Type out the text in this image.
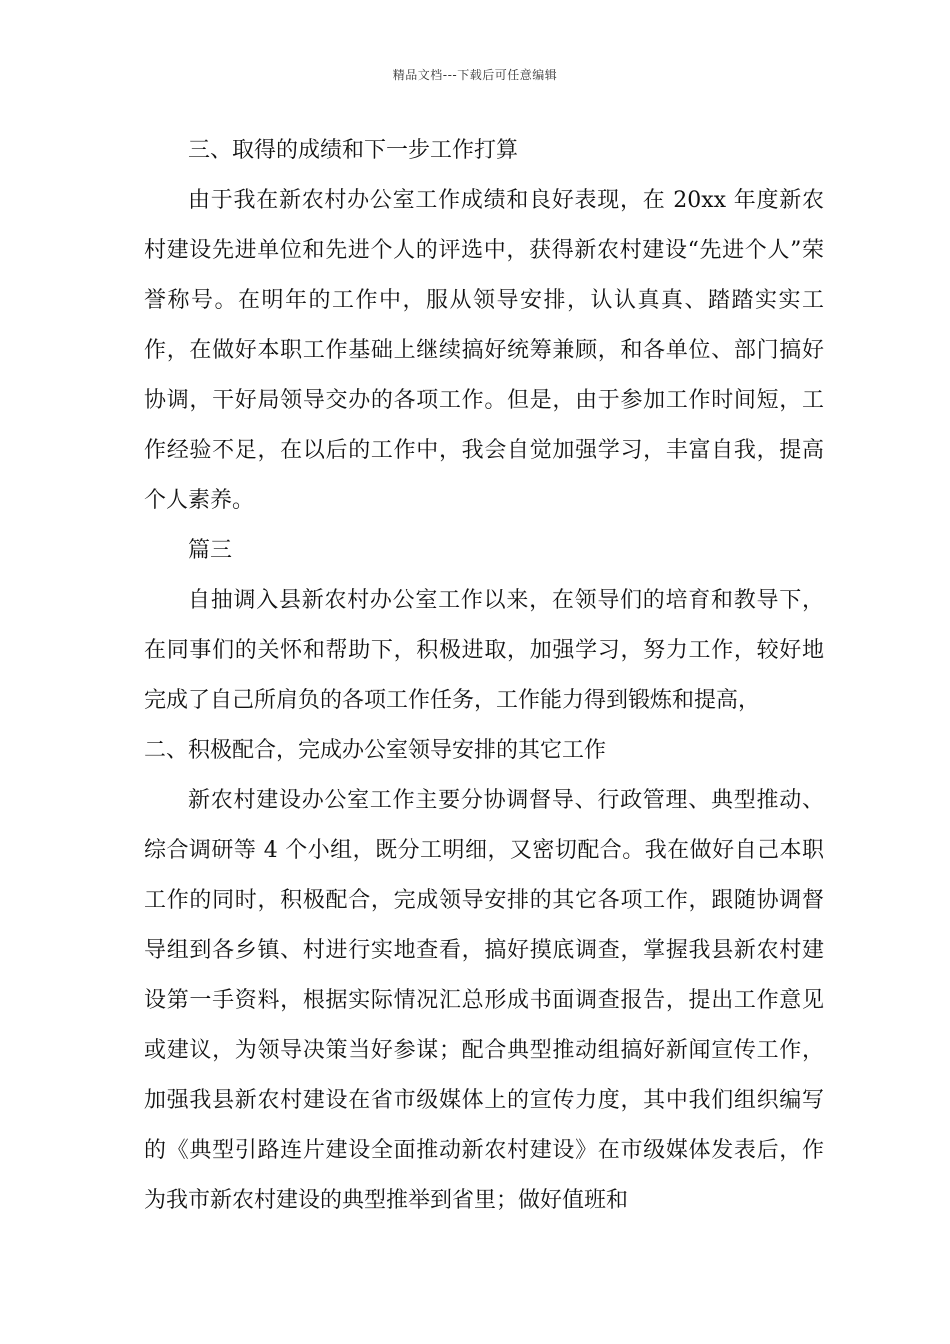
精品文档---下载后可任意编辑

三、取得的成绩和下一步工作打算

由于我在新农村办公室工作成绩和良好表现，在 20xx 年度新农村建设先进单位和先进个人的评选中，获得新农村建设“先进个人”荣誉称号。在明年的工作中，服从领导安排，认认真真、踏踏实实工作，在做好本职工作基础上继续搞好统筹兼顾，和各单位、部门搞好协调，干好局领导交办的各项工作。但是，由于参加工作时间短，工作经验不足，在以后的工作中，我会自觉加强学习，丰富自我，提高个人素养。

篇三

自抽调入县新农村办公室工作以来，在领导们的培育和教导下，在同事们的关怀和帮助下，积极进取，加强学习，努力工作，较好地完成了自己所肩负的各项工作任务，工作能力得到锻炼和提高，

二、积极配合，完成办公室领导安排的其它工作

新农村建设办公室工作主要分协调督导、行政管理、典型推动、综合调研等 4 个小组，既分工明细，又密切配合。我在做好自己本职工作的同时，积极配合，完成领导安排的其它各项工作，跟随协调督导组到各乡镇、村进行实地查看，搞好摸底调查，掌握我县新农村建设第一手资料，根据实际情况汇总形成书面调查报告，提出工作意见或建议，为领导决策当好参谋；配合典型推动组搞好新闻宣传工作，加强我县新农村建设在省市级媒体上的宣传力度，其中我们组织编写的《典型引路连片建设全面推动新农村建设》在市级媒体发表后，作为我市新农村建设的典型推举到省里；做好值班和
